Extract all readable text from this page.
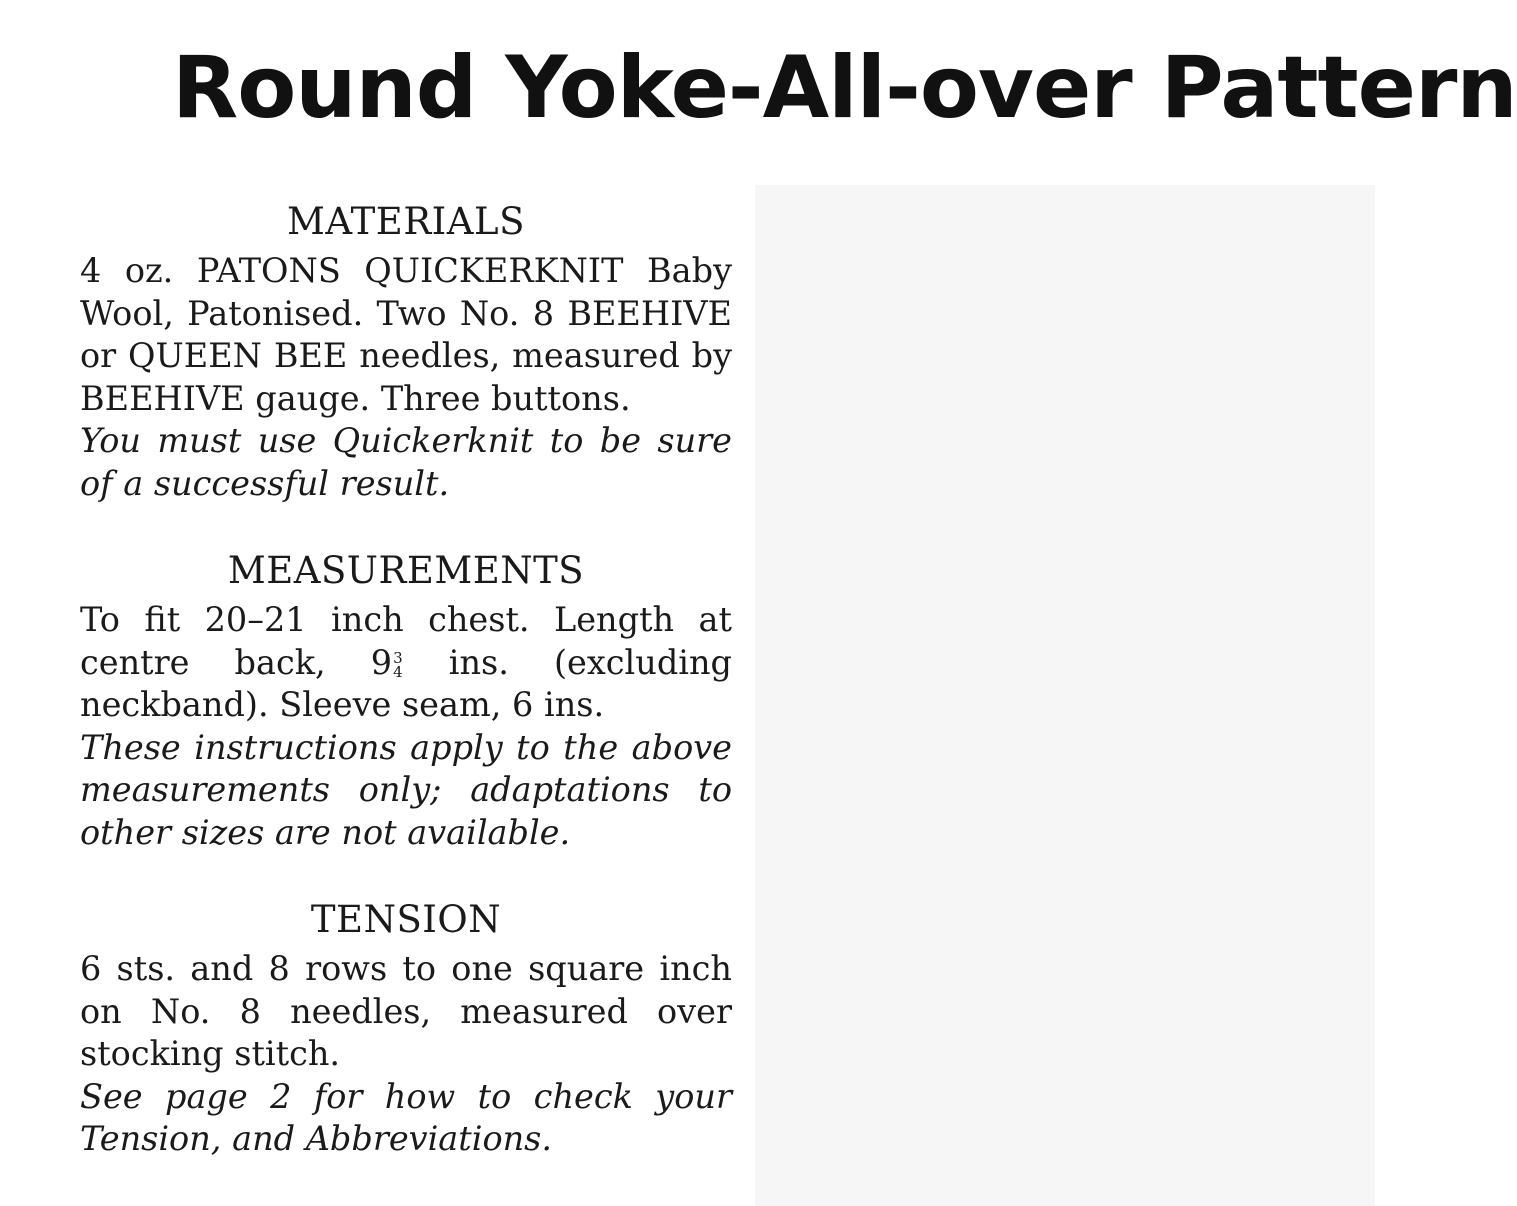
Round Yoke-All-over Pattern
MATERIALS

4 oz. PATONS QUICKERKNIT Baby Wool, Patonised. Two No. 8 BEEHIVE or QUEEN BEE needles, measured by BEEHIVE gauge. Three buttons.

You must use Quickerknit to be sure of a successful result.

MEASUREMENTS

To fit 20–21 inch chest. Length at centre back, 9 3
4 ins. (excluding neckband). Sleeve seam, 6 ins.

These instructions apply to the above measurements only; adaptations to other sizes are not available.

TENSION

6 sts. and 8 rows to one square inch on No. 8 needles, measured over stocking stitch.

See page 2 for how to check your Tension, and Abbreviations.
